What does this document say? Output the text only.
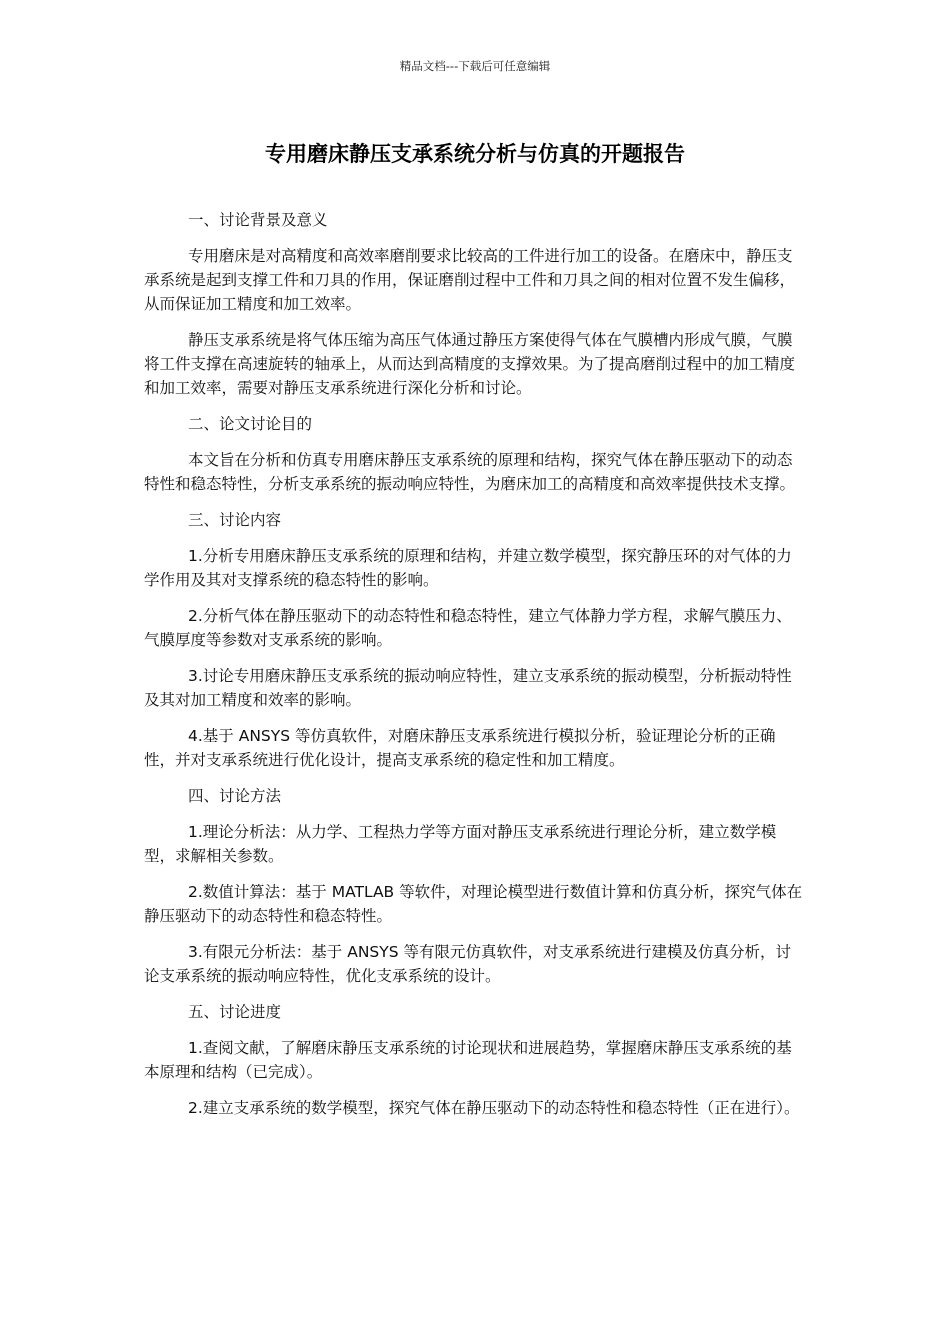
精品文档---下载后可任意编辑
专用磨床静压支承系统分析与仿真的开题报告

一、讨论背景及意义

专用磨床是对高精度和高效率磨削要求比较高的工件进行加工的设备。在磨床中，静压支承系统是起到支撑工件和刀具的作用，保证磨削过程中工件和刀具之间的相对位置不发生偏移，从而保证加工精度和加工效率。

静压支承系统是将气体压缩为高压气体通过静压方案使得气体在气膜槽内形成气膜，气膜将工件支撑在高速旋转的轴承上，从而达到高精度的支撑效果。为了提高磨削过程中的加工精度和加工效率，需要对静压支承系统进行深化分析和讨论。

二、论文讨论目的

本文旨在分析和仿真专用磨床静压支承系统的原理和结构，探究气体在静压驱动下的动态特性和稳态特性，分析支承系统的振动响应特性，为磨床加工的高精度和高效率提供技术支撑。

三、讨论内容

1.分析专用磨床静压支承系统的原理和结构，并建立数学模型，探究静压环的对气体的力学作用及其对支撑系统的稳态特性的影响。

2.分析气体在静压驱动下的动态特性和稳态特性，建立气体静力学方程，求解气膜压力、气膜厚度等参数对支承系统的影响。

3.讨论专用磨床静压支承系统的振动响应特性，建立支承系统的振动模型，分析振动特性及其对加工精度和效率的影响。

4.基于 ANSYS 等仿真软件，对磨床静压支承系统进行模拟分析，验证理论分析的正确性，并对支承系统进行优化设计，提高支承系统的稳定性和加工精度。

四、讨论方法

1.理论分析法：从力学、工程热力学等方面对静压支承系统进行理论分析，建立数学模型，求解相关参数。

2.数值计算法：基于 MATLAB 等软件，对理论模型进行数值计算和仿真分析，探究气体在静压驱动下的动态特性和稳态特性。

3.有限元分析法：基于 ANSYS 等有限元仿真软件，对支承系统进行建模及仿真分析，讨论支承系统的振动响应特性，优化支承系统的设计。

五、讨论进度

1.查阅文献，了解磨床静压支承系统的讨论现状和进展趋势，掌握磨床静压支承系统的基本原理和结构（已完成）。

2.建立支承系统的数学模型，探究气体在静压驱动下的动态特性和稳态特性（正在进行）。
